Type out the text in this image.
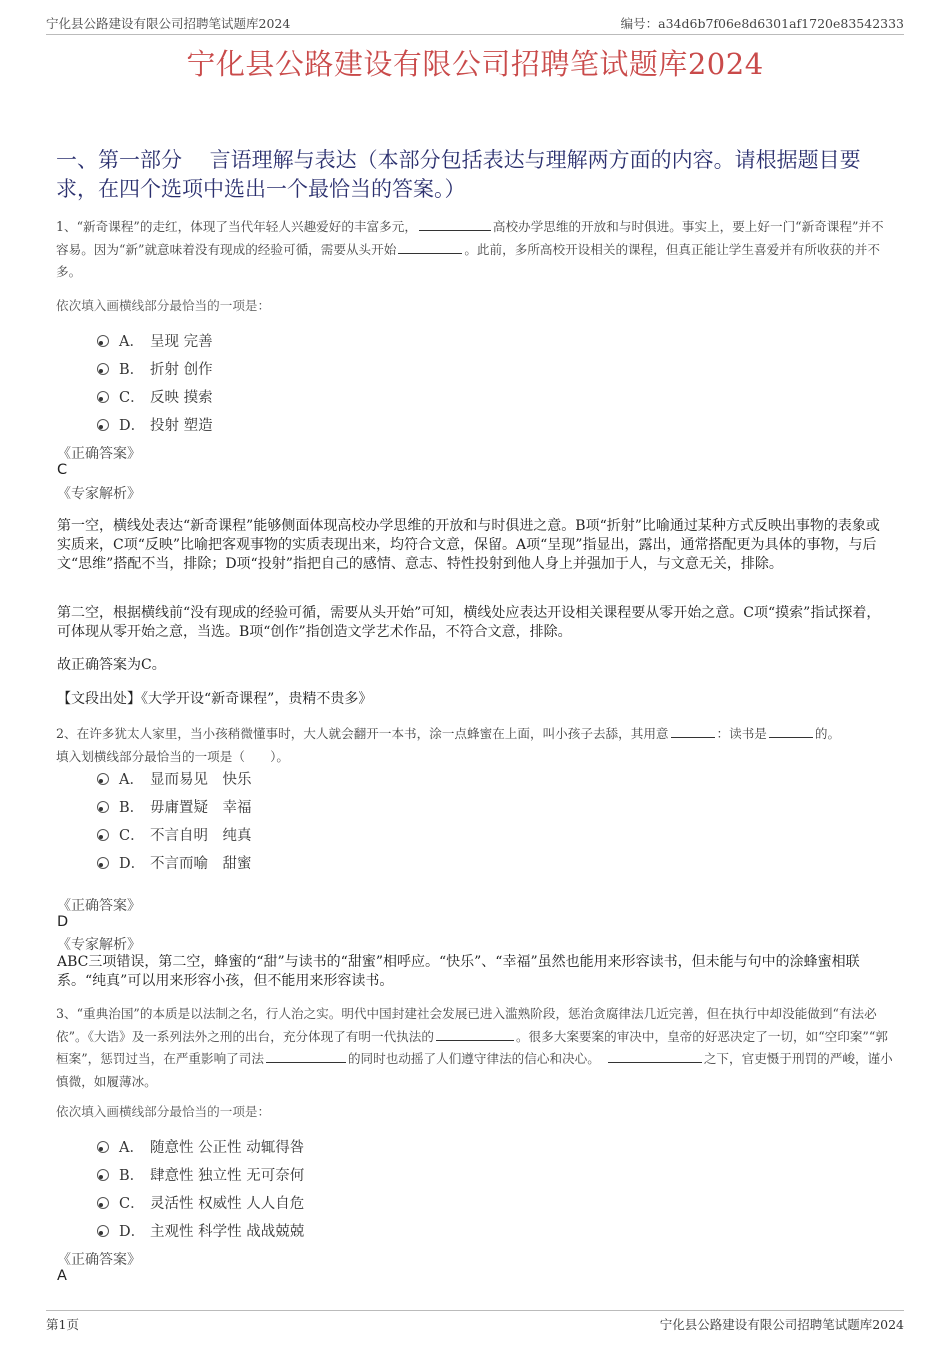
宁化县公路建设有限公司招聘笔试题库2024	编号：a34d6b7f06e8d6301af1720e83542333
宁化县公路建设有限公司招聘笔试题库2024
一、第一部分　 言语理解与表达（本部分包括表达与理解两方面的内容。请根据题目要求，在四个选项中选出一个最恰当的答案。）
1、“新奇课程”的走红，体现了当代年轻人兴趣爱好的丰富多元，	高校办学思维的开放和与时俱进。事实上，要上好一门“新奇课程”并不容易。因为“新”就意味着没有现成的经验可循，需要从头开始	。此前，多所高校开设相关的课程，但真正能让学生喜爱并有所收获的并不多。
依次填入画横线部分最恰当的一项是：
A． 呈现 完善
B． 折射 创作
C． 反映 摸索
D． 投射 塑造
《正确答案》
C
《专家解析》
第一空，横线处表达“新奇课程”能够侧面体现高校办学思维的开放和与时俱进之意。B项“折射”比喻通过某种方式反映出事物的表象或实质来，C项“反映”比喻把客观事物的实质表现出来，均符合文意，保留。A项“呈现”指显出，露出，通常搭配更为具体的事物，与后文“思维”搭配不当，排除；D项“投射”指把自己的感情、意志、特性投射到他人身上并强加于人，与文意无关，排除。
第二空，根据横线前“没有现成的经验可循，需要从头开始”可知，横线处应表达开设相关课程要从零开始之意。C项“摸索”指试探着，可体现从零开始之意，当选。B项“创作”指创造文学艺术作品，不符合文意，排除。
故正确答案为C。
【文段出处】《大学开设“新奇课程”，贵精不贵多》
2、在许多犹太人家里，当小孩稍微懂事时，大人就会翻开一本书，涂一点蜂蜜在上面，叫小孩子去舔，其用意	：读书是	的。
填入划横线部分最恰当的一项是（　　）。
A． 显而易见　快乐
B． 毋庸置疑　幸福
C． 不言自明　纯真
D． 不言而喻　甜蜜
《正确答案》
D
《专家解析》
ABC三项错误，第二空，蜂蜜的“甜”与读书的“甜蜜”相呼应。“快乐”、“幸福”虽然也能用来形容读书，但未能与句中的涂蜂蜜相联系。“纯真”可以用来形容小孩，但不能用来形容读书。
3、“重典治国”的本质是以法制之名，行人治之实。明代中国封建社会发展已进入滥熟阶段，惩治贪腐律法几近完善，但在执行中却没能做到“有法必依”。《大诰》及一系列法外之刑的出台，充分体现了有明一代执法的	。很多大案要案的审决中，皇帝的好恶决定了一切，如“空印案”“郭桓案”，惩罚过当，在严重影响了司法	的同时也动摇了人们遵守律法的信心和决心。	之下，官吏慑于刑罚的严峻，谨小慎微，如履薄冰。
依次填入画横线部分最恰当的一项是：
A． 随意性 公正性 动辄得咎
B． 肆意性 独立性 无可奈何
C． 灵活性 权威性 人人自危
D． 主观性 科学性 战战兢兢
《正确答案》
A
第1页	宁化县公路建设有限公司招聘笔试题库2024
